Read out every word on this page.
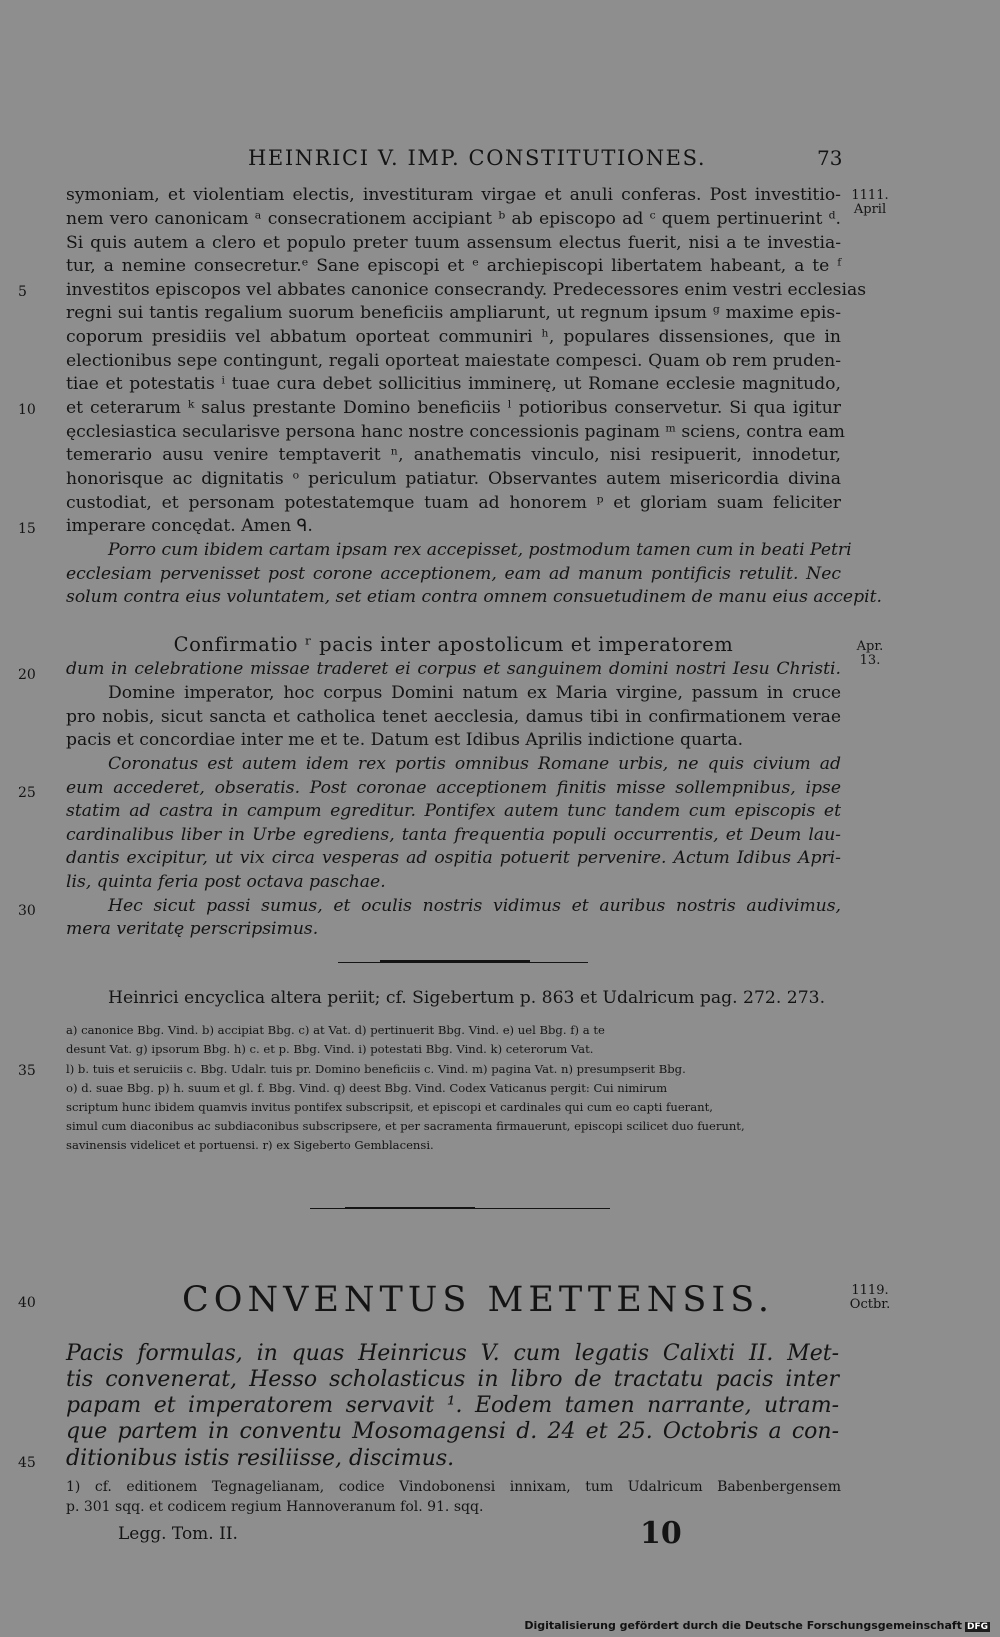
HEINRICI V. IMP. CONSTITUTIONES.	73
1111.
April
Apr.
13.
1119.
Octbr.
5
10
15
20
25
30
35
40
45
symoniam, et violentiam electis, investituram virgae et anuli conferas. Post investitio-
nem vero canonicam ᵃ consecrationem accipiant ᵇ ab episcopo ad ᶜ quem pertinuerint ᵈ.
Si quis autem a clero et populo preter tuum assensum electus fuerit, nisi a te investia-
tur, a nemine consecretur.ᵉ Sane episcopi et ᵉ archiepiscopi libertatem habeant, a te ᶠ
investitos episcopos vel abbates canonice consecrandy. Predecessores enim vestri ecclesias
regni sui tantis regalium suorum beneficiis ampliarunt, ut regnum ipsum ᵍ maxime epis-
coporum presidiis vel abbatum oporteat communiri ʰ, populares dissensiones, que in
electionibus sepe contingunt, regali oporteat maiestate compesci. Quam ob rem pruden-
tiae et potestatis ⁱ tuae cura debet sollicitius imminerę, ut Romane ecclesie magnitudo,
et ceterarum ᵏ salus prestante Domino beneficiis ˡ potioribus conservetur. Si qua igitur
ęcclesiastica secularisve persona hanc nostre concessionis paginam ᵐ sciens, contra eam
temerario ausu venire temptaverit ⁿ, anathematis vinculo, nisi resipuerit, innodetur,
honorisque ac dignitatis ᵒ periculum patiatur. Observantes autem misericordia divina
custodiat, et personam potestatemque tuam ad honorem ᵖ et gloriam suam feliciter
imperare concędat. Amen ᑫ.
Porro cum ibidem cartam ipsam rex accepisset, postmodum tamen cum in beati Petri
ecclesiam pervenisset post corone acceptionem, eam ad manum pontificis retulit. Nec
solum contra eius voluntatem, set etiam contra omnem consuetudinem de manu eius accepit.
Confirmatio ʳ pacis inter apostolicum et imperatorem
dum in celebratione missae traderet ei corpus et sanguinem domini nostri Iesu Christi.
Domine imperator, hoc corpus Domini natum ex Maria virgine, passum in cruce
pro nobis, sicut sancta et catholica tenet aecclesia, damus tibi in confirmationem verae
pacis et concordiae inter me et te. Datum est Idibus Aprilis indictione quarta.
Coronatus est autem idem rex portis omnibus Romane urbis, ne quis civium ad
eum accederet, obseratis. Post coronae acceptionem finitis misse sollempnibus, ipse
statim ad castra in campum egreditur. Pontifex autem tunc tandem cum episcopis et
cardinalibus liber in Urbe egrediens, tanta frequentia populi occurrentis, et Deum lau-
dantis excipitur, ut vix circa vesperas ad ospitia potuerit pervenire. Actum Idibus Apri-
lis, quinta feria post octava paschae.
Hec sicut passi sumus, et oculis nostris vidimus et auribus nostris audivimus,
mera veritatę perscripsimus.
Heinrici encyclica altera periit; cf. Sigebertum p. 863 et Udalricum pag. 272. 273.
a) canonice Bbg. Vind. b) accipiat Bbg. c) at Vat. d) pertinuerit Bbg. Vind. e) uel Bbg. f) a te
desunt Vat. g) ipsorum Bbg. h) c. et p. Bbg. Vind. i) potestati Bbg. Vind. k) ceterorum Vat.
l) b. tuis et seruiciis c. Bbg. Udalr. tuis pr. Domino beneficiis c. Vind. m) pagina Vat. n) presumpserit Bbg.
o) d. suae Bbg. p) h. suum et gl. f. Bbg. Vind. q) deest Bbg. Vind. Codex Vaticanus pergit: Cui nimirum
scriptum hunc ibidem quamvis invitus pontifex subscripsit, et episcopi et cardinales qui cum eo capti fuerant,
simul cum diaconibus ac subdiaconibus subscripsere, et per sacramenta firmauerunt, episcopi scilicet duo fuerunt,
savinensis videlicet et portuensi. r) ex Sigeberto Gemblacensi.
CONVENTUS METTENSIS.
Pacis formulas, in quas Heinricus V. cum legatis Calixti II. Met-
tis convenerat, Hesso scholasticus in libro de tractatu pacis inter
papam et imperatorem servavit ¹. Eodem tamen narrante, utram-
que partem in conventu Mosomagensi d. 24 et 25. Octobris a con-
ditionibus istis resiliisse, discimus.
1) cf. editionem Tegnagelianam, codice Vindobonensi innixam, tum Udalricum Babenbergensem
p. 301 sqq. et codicem regium Hannoveranum fol. 91. sqq.
Legg. Tom. II.	10
Digitalisierung gefördert durch die Deutsche Forschungsgemeinschaft DFG
